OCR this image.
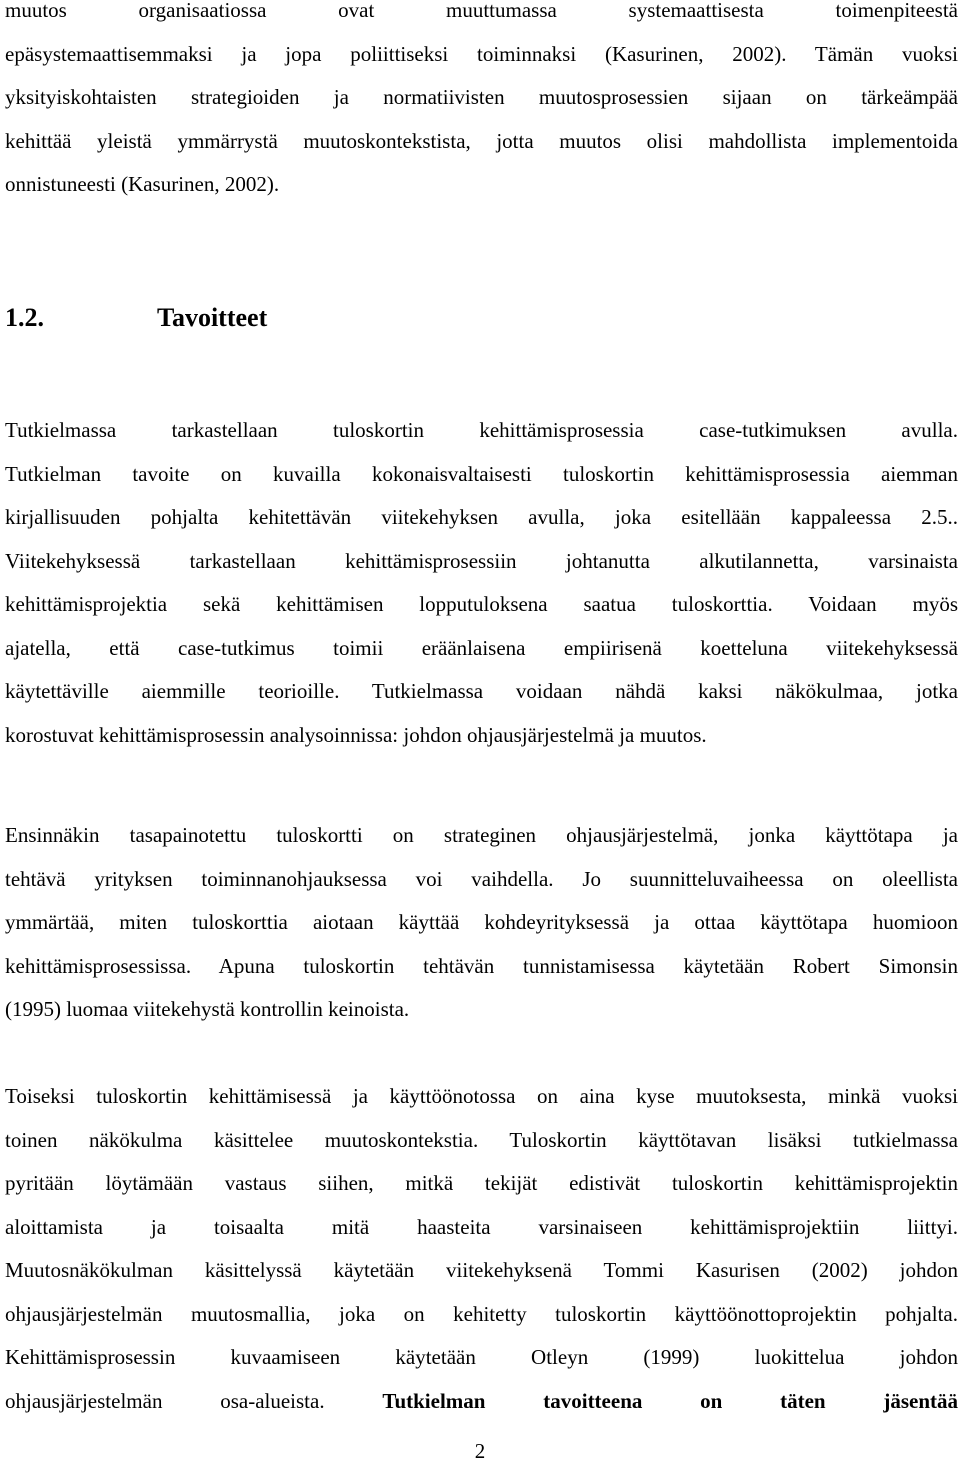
muutos organisaatiossa ovat muuttumassa systemaattisesta toimenpiteestä
epäsystemaattisemmaksi ja jopa poliittiseksi toiminnaksi (Kasurinen, 2002). Tämän vuoksi
yksityiskohtaisten strategioiden ja normatiivisten muutosprosessien sijaan on tärkeämpää
kehittää yleistä ymmärrystä muutoskontekstista, jotta muutos olisi mahdollista implementoida
onnistuneesti (Kasurinen, 2002).

1.2.	Tavoitteet

Tutkielmassa tarkastellaan tuloskortin kehittämisprosessia case-tutkimuksen avulla.
Tutkielman tavoite on kuvailla kokonaisvaltaisesti tuloskortin kehittämisprosessia aiemman
kirjallisuuden pohjalta kehitettävän viitekehyksen avulla, joka esitellään kappaleessa 2.5..
Viitekehyksessä tarkastellaan kehittämisprosessiin johtanutta alkutilannetta, varsinaista
kehittämisprojektia sekä kehittämisen lopputuloksena saatua tuloskorttia. Voidaan myös
ajatella, että case-tutkimus toimii eräänlaisena empiirisenä koetteluna viitekehyksessä
käytettäville aiemmille teorioille. Tutkielmassa voidaan nähdä kaksi näkökulmaa, jotka
korostuvat kehittämisprosessin analysoinnissa: johdon ohjausjärjestelmä ja muutos.

Ensinnäkin tasapainotettu tuloskortti on strateginen ohjausjärjestelmä, jonka käyttötapa ja
tehtävä yrityksen toiminnanohjauksessa voi vaihdella. Jo suunnitteluvaiheessa on oleellista
ymmärtää, miten tuloskorttia aiotaan käyttää kohdeyrityksessä ja ottaa käyttötapa huomioon
kehittämisprosessissa. Apuna tuloskortin tehtävän tunnistamisessa käytetään Robert Simonsin
(1995) luomaa viitekehystä kontrollin keinoista.

Toiseksi tuloskortin kehittämisessä ja käyttöönotossa on aina kyse muutoksesta, minkä vuoksi
toinen näkökulma käsittelee muutoskontekstia. Tuloskortin käyttötavan lisäksi tutkielmassa
pyritään löytämään vastaus siihen, mitkä tekijät edistivät tuloskortin kehittämisprojektin
aloittamista ja toisaalta mitä haasteita varsinaiseen kehittämisprojektiin liittyi.
Muutosnäkökulman käsittelyssä käytetään viitekehyksenä Tommi Kasurisen (2002) johdon
ohjausjärjestelmän muutosmallia, joka on kehitetty tuloskortin käyttöönottoprojektin pohjalta.
Kehittämisprosessin kuvaamiseen käytetään Otleyn (1999) luokittelua johdon
ohjausjärjestelmän osa-alueista.	Tutkielman tavoitteena on täten jäsentää

2
